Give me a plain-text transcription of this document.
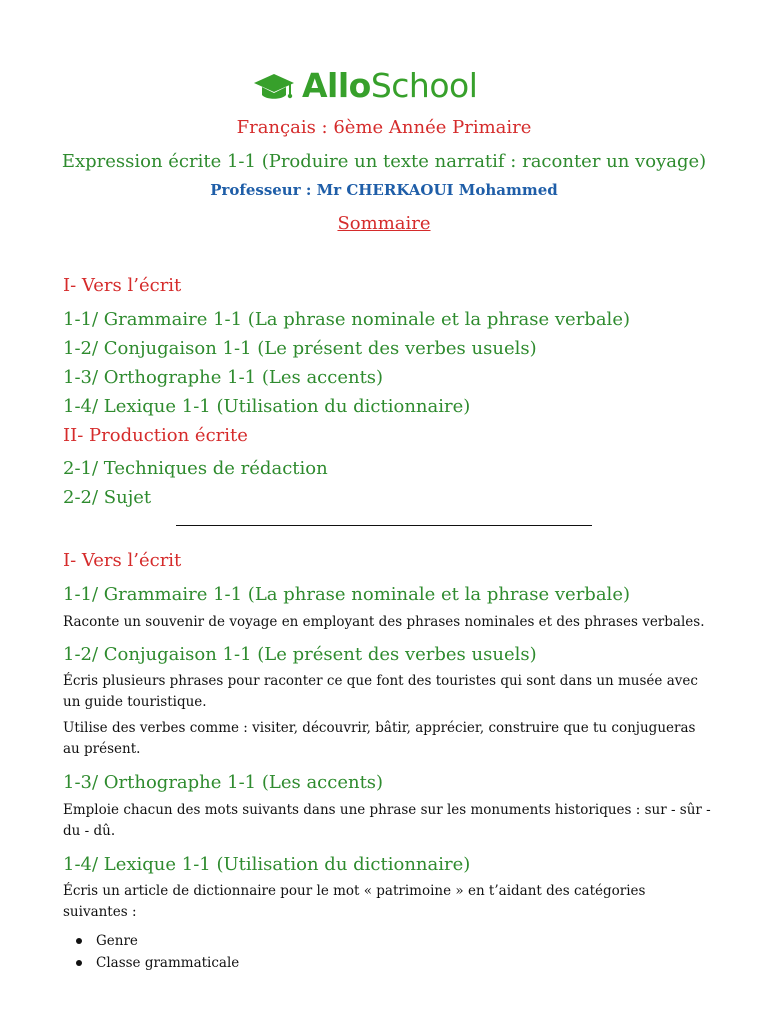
AlloSchool
Français : 6ème Année Primaire
Expression écrite 1-1 (Produire un texte narratif : raconter un voyage)
Professeur : Mr CHERKAOUI Mohammed
Sommaire
I- Vers l’écrit
1-1/ Grammaire 1-1 (La phrase nominale et la phrase verbale)
1-2/ Conjugaison 1-1 (Le présent des verbes usuels)
1-3/ Orthographe 1-1 (Les accents)
1-4/ Lexique 1-1 (Utilisation du dictionnaire)
II- Production écrite
2-1/ Techniques de rédaction
2-2/ Sujet
I- Vers l’écrit
1-1/ Grammaire 1-1 (La phrase nominale et la phrase verbale)
Raconte un souvenir de voyage en employant des phrases nominales et des phrases verbales.
1-2/ Conjugaison 1-1 (Le présent des verbes usuels)
Écris plusieurs phrases pour raconter ce que font des touristes qui sont dans un musée avec un guide touristique.
Utilise des verbes comme : visiter, découvrir, bâtir, apprécier, construire que tu conjugueras au présent.
1-3/ Orthographe 1-1 (Les accents)
Emploie chacun des mots suivants dans une phrase sur les monuments historiques : sur - sûr - du - dû.
1-4/ Lexique 1-1 (Utilisation du dictionnaire)
Écris un article de dictionnaire pour le mot « patrimoine » en t’aidant des catégories suivantes :
Genre
Classe grammaticale
